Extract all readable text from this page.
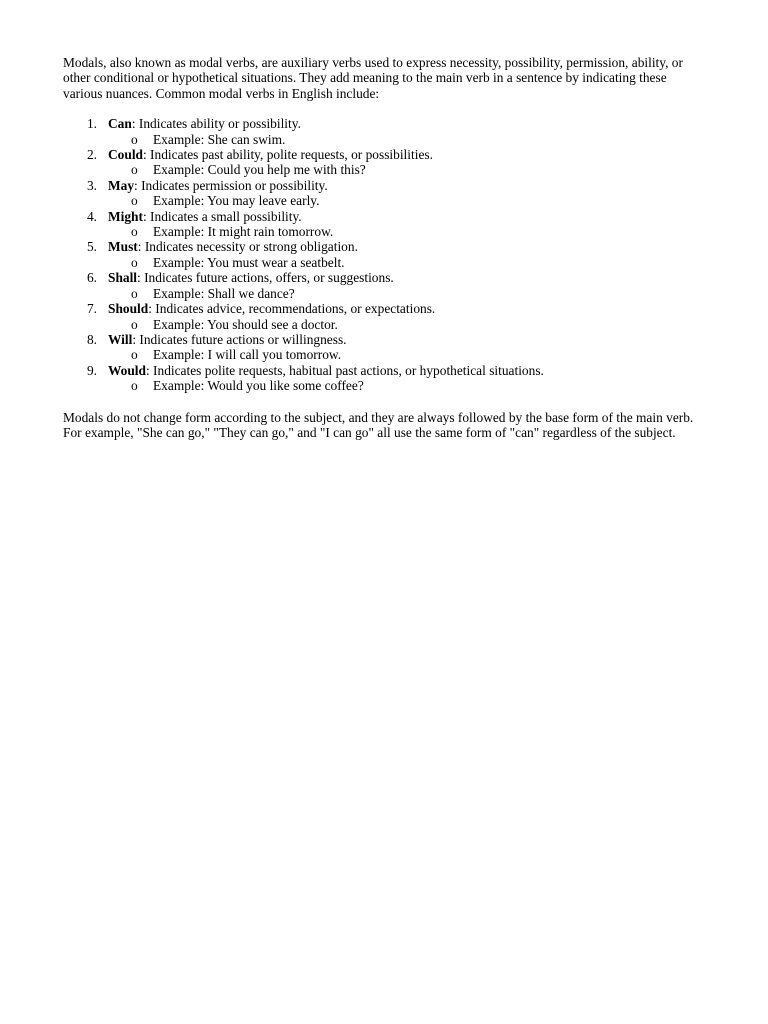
Modals, also known as modal verbs, are auxiliary verbs used to express necessity, possibility, permission, ability, or other conditional or hypothetical situations. They add meaning to the main verb in a sentence by indicating these various nuances. Common modal verbs in English include:

1. Can: Indicates ability or possibility.
o Example: She can swim.
2. Could: Indicates past ability, polite requests, or possibilities.
o Example: Could you help me with this?
3. May: Indicates permission or possibility.
o Example: You may leave early.
4. Might: Indicates a small possibility.
o Example: It might rain tomorrow.
5. Must: Indicates necessity or strong obligation.
o Example: You must wear a seatbelt.
6. Shall: Indicates future actions, offers, or suggestions.
o Example: Shall we dance?
7. Should: Indicates advice, recommendations, or expectations.
o Example: You should see a doctor.
8. Will: Indicates future actions or willingness.
o Example: I will call you tomorrow.
9. Would: Indicates polite requests, habitual past actions, or hypothetical situations.
o Example: Would you like some coffee?

Modals do not change form according to the subject, and they are always followed by the base form of the main verb. For example, "She can go," "They can go," and "I can go" all use the same form of "can" regardless of the subject.
